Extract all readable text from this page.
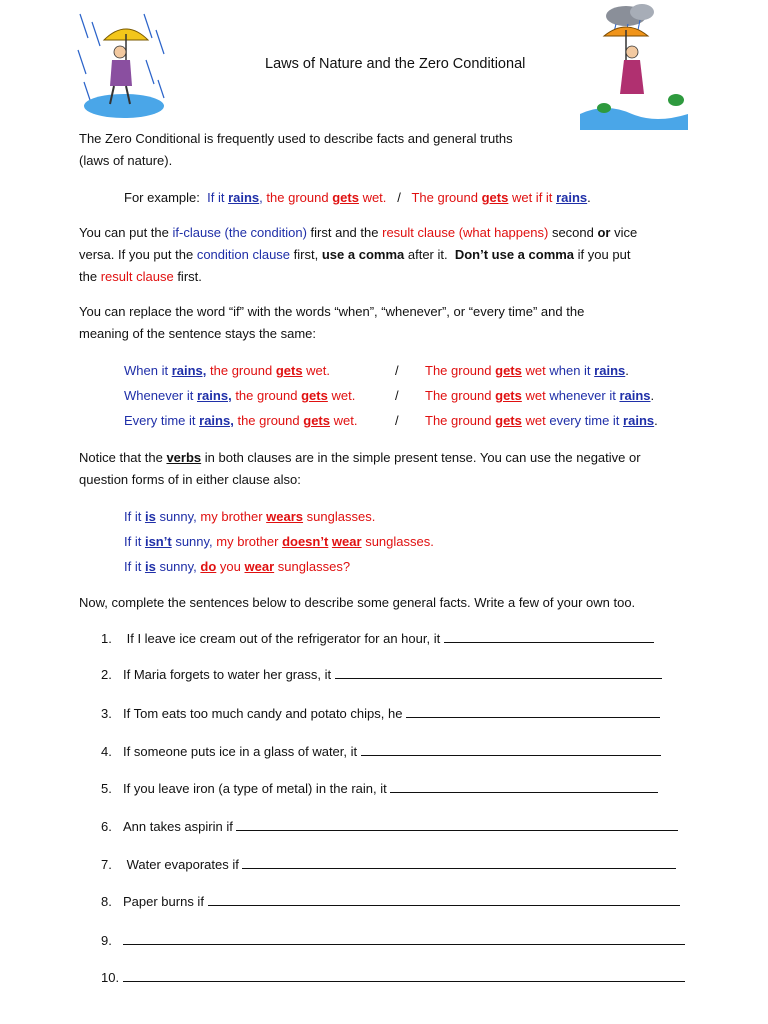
Laws of Nature and the Zero Conditional
The Zero Conditional is frequently used to describe facts and general truths
(laws of nature).
For example: If it rains, the ground gets wet. / The ground gets wet if it rains.
You can put the if-clause (the condition) first and the result clause (what happens) second or vice
versa. If you put the condition clause first, use a comma after it. Don’t use a comma if you put
the result clause first.
You can replace the word “if” with the words “when”, “whenever”, or “every time” and the
meaning of the sentence stays the same:
When it rains, the ground gets wet.	/ The ground gets wet when it rains.
Whenever it rains, the ground gets wet.	/ The ground gets wet whenever it rains.
Every time it rains, the ground gets wet.	/ The ground gets wet every time it rains.
Notice that the verbs in both clauses are in the simple present tense. You can use the negative or
question forms of in either clause also:
If it is sunny, my brother wears sunglasses.
If it isn’t sunny, my brother doesn’t wear sunglasses.
If it is sunny, do you wear sunglasses?
Now, complete the sentences below to describe some general facts. Write a few of your own too.
1. If I leave ice cream out of the refrigerator for an hour, it
2. If Maria forgets to water her grass, it
3. If Tom eats too much candy and potato chips, he
4. If someone puts ice in a glass of water, it
5. If you leave iron (a type of metal) in the rain, it
6. Ann takes aspirin if
7. Water evaporates if
8. Paper burns if
9.
10.
